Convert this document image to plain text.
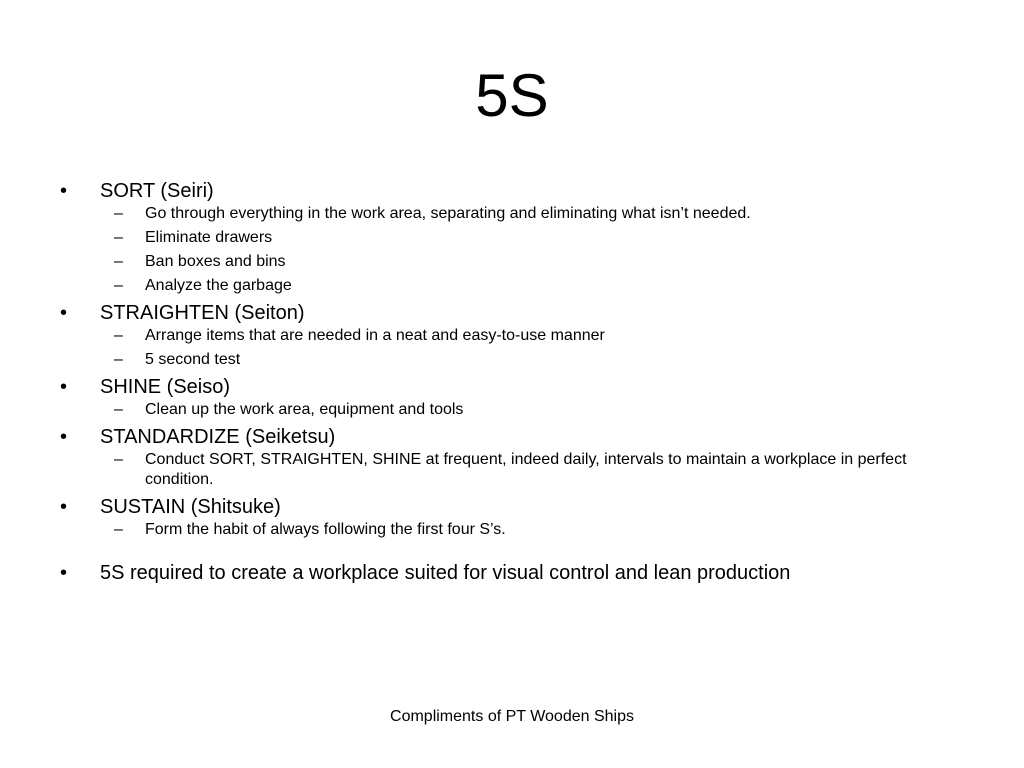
5S
• SORT (Seiri)
– Go through everything in the work area, separating and eliminating what isn’t needed.
– Eliminate drawers
– Ban boxes and bins
– Analyze the garbage
• STRAIGHTEN (Seiton)
– Arrange items that are needed in a neat and easy-to-use manner
– 5 second test
• SHINE (Seiso)
– Clean up the work area, equipment and tools
• STANDARDIZE (Seiketsu)
– Conduct SORT, STRAIGHTEN, SHINE at frequent, indeed daily, intervals to maintain a workplace in perfect condition.
• SUSTAIN (Shitsuke)
– Form the habit of always following the first four S’s.
• 5S required to create a workplace suited for visual control and lean production
Compliments of PT Wooden Ships
